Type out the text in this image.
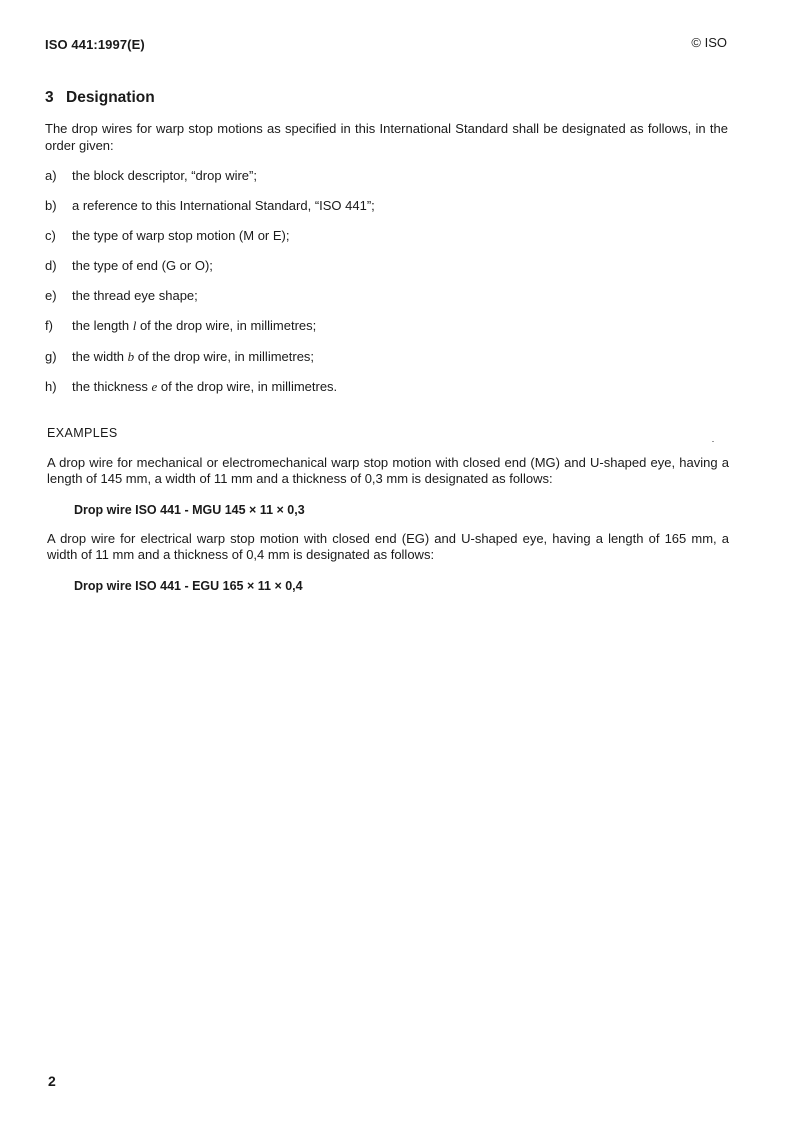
ISO 441:1997(E)	© ISO
3 Designation

The drop wires for warp stop motions as specified in this International Standard shall be designated as follows, in the order given:

a)	the block descriptor, “drop wire”;
b)	a reference to this International Standard, “ISO 441”;
c)	the type of warp stop motion (M or E);
d)	the type of end (G or O);
e)	the thread eye shape;
f)	the length l of the drop wire, in millimetres;
g)	the width b of the drop wire, in millimetres;
h)	the thickness e of the drop wire, in millimetres.

EXAMPLES

A drop wire for mechanical or electromechanical warp stop motion with closed end (MG) and U-shaped eye, having a length of 145 mm, a width of 11 mm and a thickness of 0,3 mm is designated as follows:

Drop wire ISO 441 - MGU 145 × 11 × 0,3

A drop wire for electrical warp stop motion with closed end (EG) and U-shaped eye, having a length of 165 mm, a width of 11 mm and a thickness of 0,4 mm is designated as follows:

Drop wire ISO 441 - EGU 165 × 11 × 0,4

2
